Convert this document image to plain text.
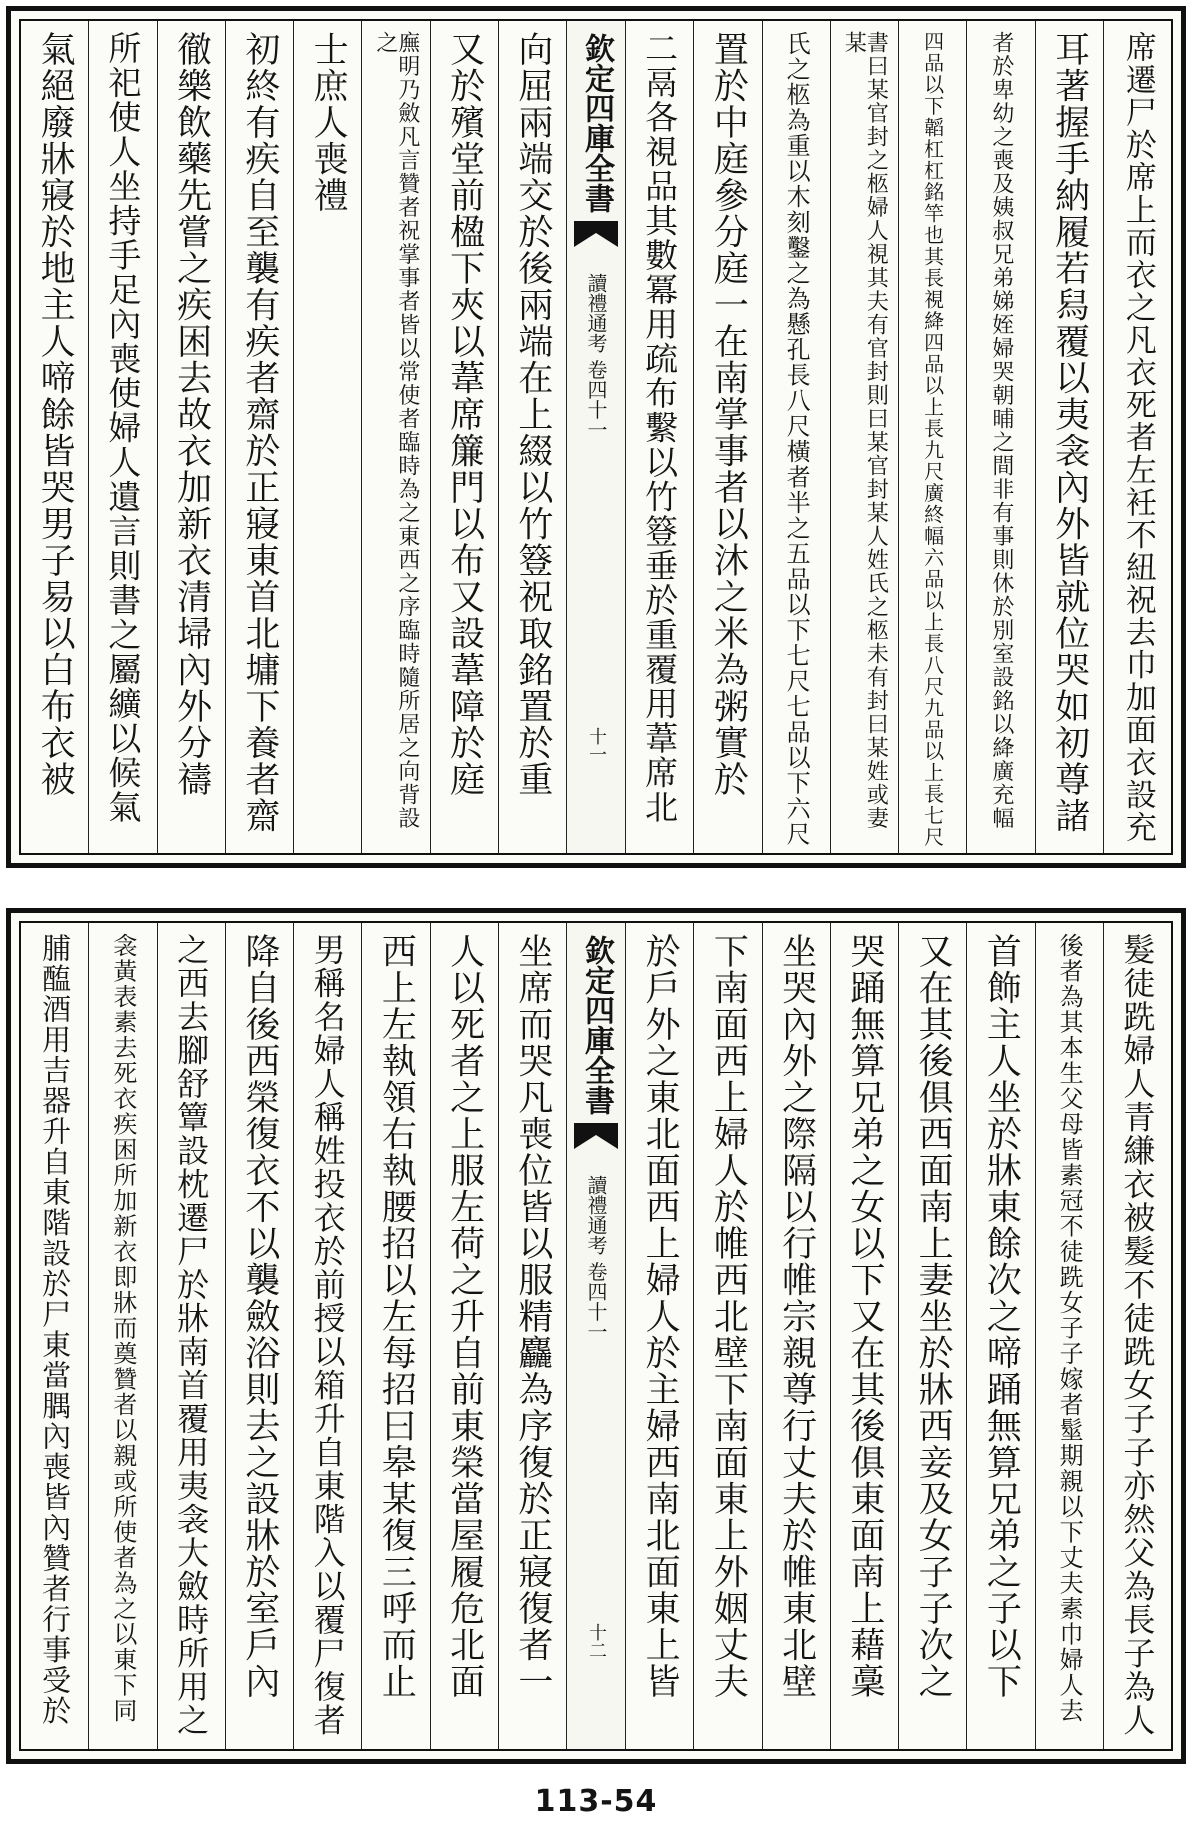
席遷尸於席上而衣之凡衣死者左衽不紐祝去巾加面衣設充
耳著握手納履若舄覆以夷衾內外皆就位哭如初尊諸
者於卑幼之喪及姨叔兄弟娣姪婦哭朝晡之間非有事則休於別室設銘以絳廣充幅
四品以下韜杠杠銘竿也其長視絳四品以上長九尺廣終幅六品以上長八尺九品以上長七尺
書曰某官封之柩婦人視其夫有官封則曰某官封某人姓氏之柩未有封曰某姓或妻某
氏之柩為重以木刻鑿之為懸孔長八尺橫者半之五品以下七尺七品以下六尺
置於中庭參分庭一在南掌事者以沐之米為粥實於
二鬲各視品其數冪用疏布繫以竹簦垂於重覆用葦席北
欽定四庫全書
讀禮通考 卷四十一
十一
向屈兩端交於後兩端在上綴以竹簦祝取銘置於重
又於殯堂前楹下夾以葦席簾門以布又設葦障於庭
廡明乃斂凡言贊者祝掌事者皆以常使者臨時為之東西之序臨時隨所居之向背設之
士庶人喪禮
初終有疾自至襲有疾者齋於正寢東首北墉下養者齋
徹樂飲藥先嘗之疾困去故衣加新衣清埽內外分禱
所祀使人坐持手足內喪使婦人遺言則書之屬纊以候氣
氣絕廢牀寢於地主人啼餘皆哭男子易以白布衣被
髮徒跣婦人青縑衣被髮不徒跣女子子亦然父為長子為人
後者為其本生父母皆素冠不徒跣女子子嫁者髽期親以下丈夫素巾婦人去
首飾主人坐於牀東餘次之啼踊無算兄弟之子以下
又在其後俱西面南上妻坐於牀西妾及女子子次之
哭踊無算兄弟之女以下又在其後俱東面南上藉稾
坐哭內外之際隔以行帷宗親尊行丈夫於帷東北壁
下南面西上婦人於帷西北壁下南面東上外姻丈夫
於戶外之東北面西上婦人於主婦西南北面東上皆
欽定四庫全書
讀禮通考 卷四十一
十二
坐席而哭凡喪位皆以服精麤為序復於正寢復者一
人以死者之上服左荷之升自前東榮當屋履危北面
西上左執領右執腰招以左每招曰皋某復三呼而止
男稱名婦人稱姓投衣於前授以箱升自東階入以覆尸復者
降自後西榮復衣不以襲斂浴則去之設牀於室戶內
之西去腳舒簟設枕遷尸於牀南首覆用夷衾大斂時所用之
衾黃表素去死衣疾困所加新衣即牀而奠贊者以親或所使者為之以東下同
脯醢酒用吉器升自東階設於尸東當腢內喪皆內贊者行事受於
113-54
